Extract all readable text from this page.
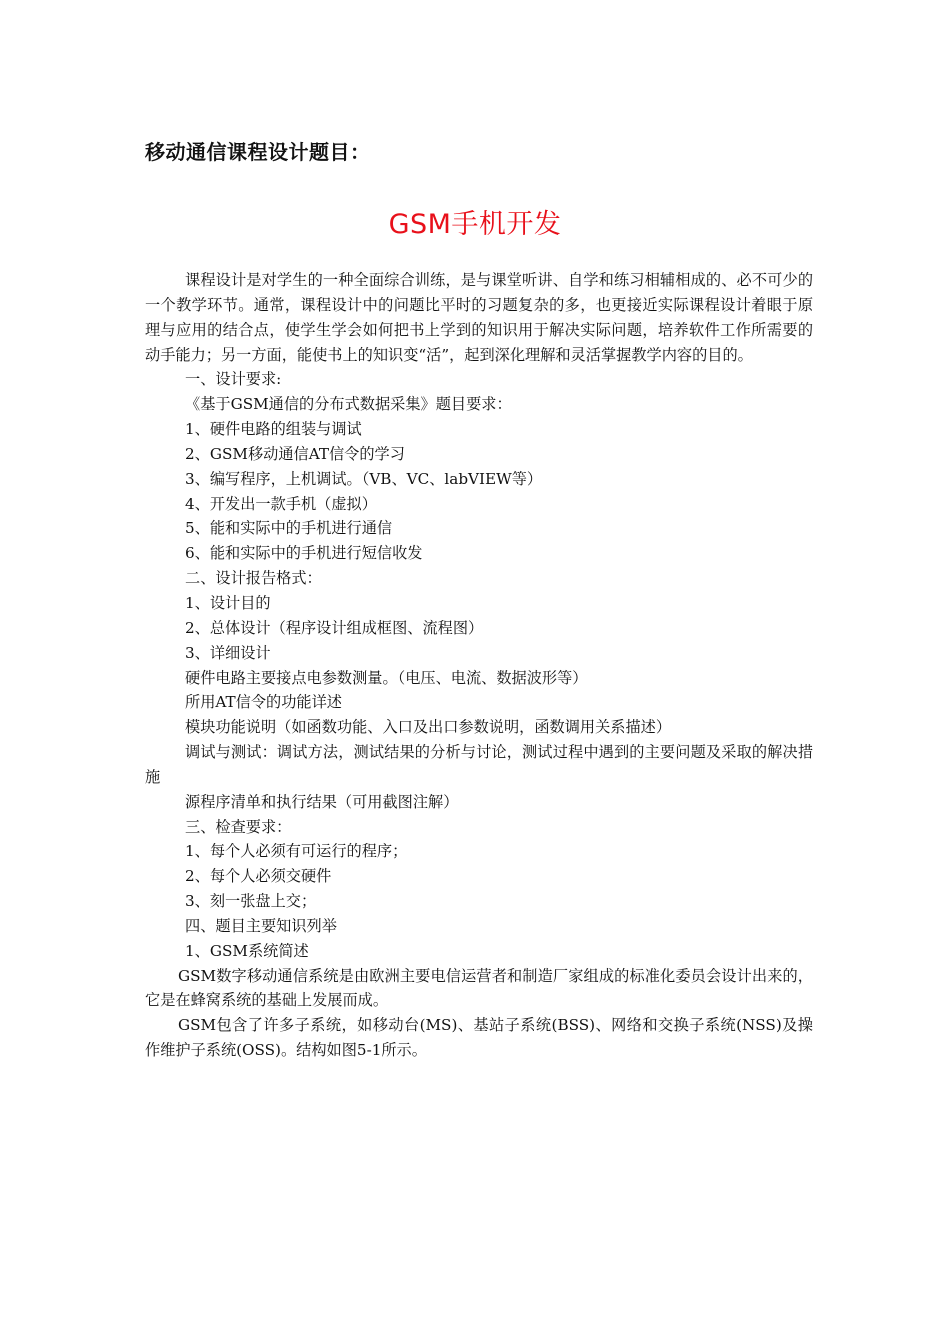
移动通信课程设计题目：
GSM手机开发

课程设计是对学生的一种全面综合训练，是与课堂听讲、自学和练习相辅相成的、必不可少的一个教学环节。通常，课程设计中的问题比平时的习题复杂的多，也更接近实际课程设计着眼于原理与应用的结合点，使学生学会如何把书上学到的知识用于解决实际问题，培养软件工作所需要的动手能力；另一方面，能使书上的知识变“活”，起到深化理解和灵活掌握教学内容的目的。

一、设计要求:

《基于GSM通信的分布式数据采集》题目要求：

1、硬件电路的组装与调试

2、GSM移动通信AT信令的学习

3、编写程序，上机调试。（VB、VC、labVIEW等）

4、开发出一款手机（虚拟）

5、能和实际中的手机进行通信

6、能和实际中的手机进行短信收发

二、设计报告格式：

1、设计目的

2、总体设计（程序设计组成框图、流程图）

3、详细设计

硬件电路主要接点电参数测量。（电压、电流、数据波形等）

所用AT信令的功能详述

模块功能说明（如函数功能、入口及出口参数说明，函数调用关系描述）

调试与测试：调试方法，测试结果的分析与讨论，测试过程中遇到的主要问题及采取的解决措施

源程序清单和执行结果（可用截图注解）

三、检查要求：

1、每个人必须有可运行的程序；

2、每个人必须交硬件

3、刻一张盘上交；

四、题目主要知识列举

1、GSM系统简述

GSM数字移动通信系统是由欧洲主要电信运营者和制造厂家组成的标准化委员会设计出来的，它是在蜂窝系统的基础上发展而成。

GSM包含了许多子系统，如移动台(MS)、基站子系统(BSS)、网络和交换子系统(NSS)及操作维护子系统(OSS)。结构如图5-1所示。
